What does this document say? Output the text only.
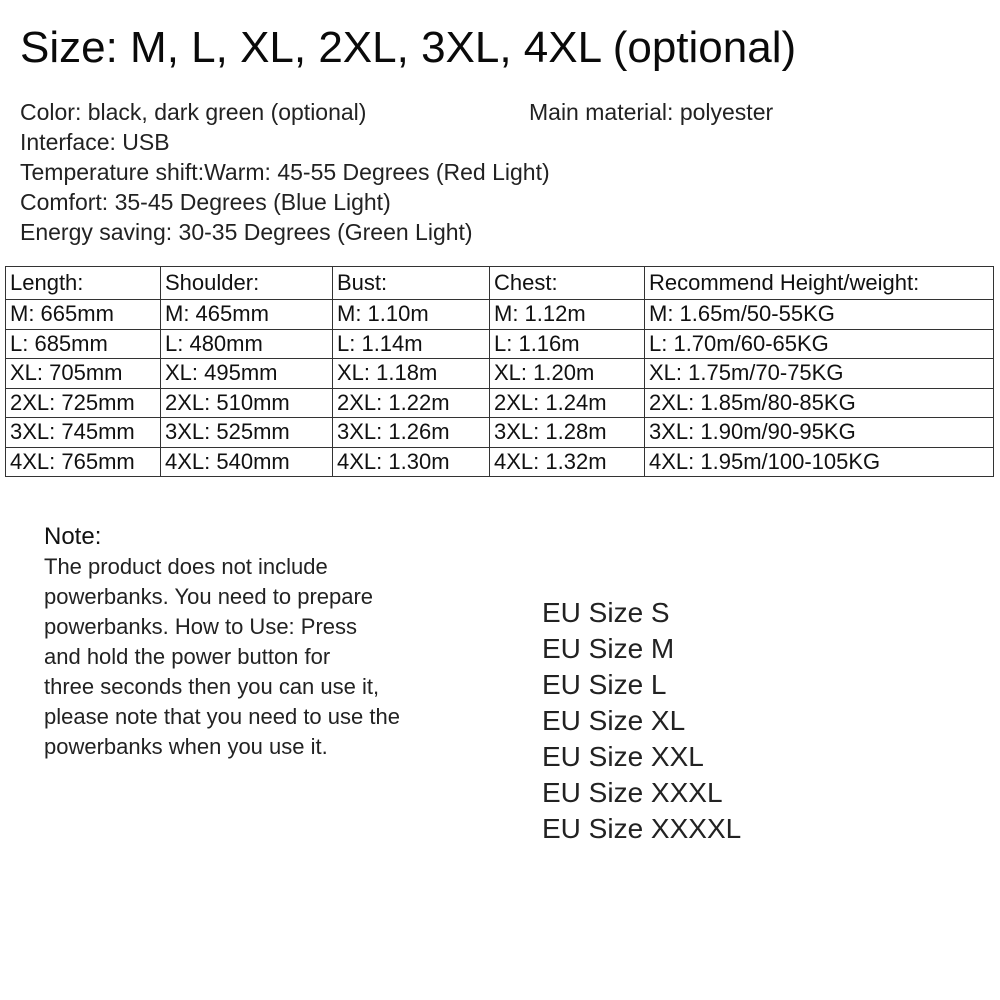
Size: M, L, XL, 2XL, 3XL, 4XL (optional)
Color: black, dark green (optional)	Main material: polyester
Interface: USB
Temperature shift:Warm: 45-55 Degrees (Red Light)
Comfort: 35-45 Degrees (Blue Light)
Energy saving: 30-35 Degrees (Green Light)
Length:	Shoulder:	Bust:	Chest:	Recommend Height/weight:
M: 665mm	M: 465mm	M: 1.10m	M: 1.12m	M: 1.65m/50-55KG
L: 685mm	L: 480mm	L: 1.14m	L: 1.16m	L: 1.70m/60-65KG
XL: 705mm	XL: 495mm	XL: 1.18m	XL: 1.20m	XL: 1.75m/70-75KG
2XL: 725mm	2XL: 510mm	2XL: 1.22m	2XL: 1.24m	2XL: 1.85m/80-85KG
3XL: 745mm	3XL: 525mm	3XL: 1.26m	3XL: 1.28m	3XL: 1.90m/90-95KG
4XL: 765mm	4XL: 540mm	4XL: 1.30m	4XL: 1.32m	4XL: 1.95m/100-105KG
Note:
The product does not include
powerbanks. You need to prepare
powerbanks. How to Use: Press
and hold the power button for
three seconds then you can use it,
please note that you need to use the
powerbanks when you use it.
EU Size S
EU Size M
EU Size L
EU Size XL
EU Size XXL
EU Size XXXL
EU Size XXXXL
